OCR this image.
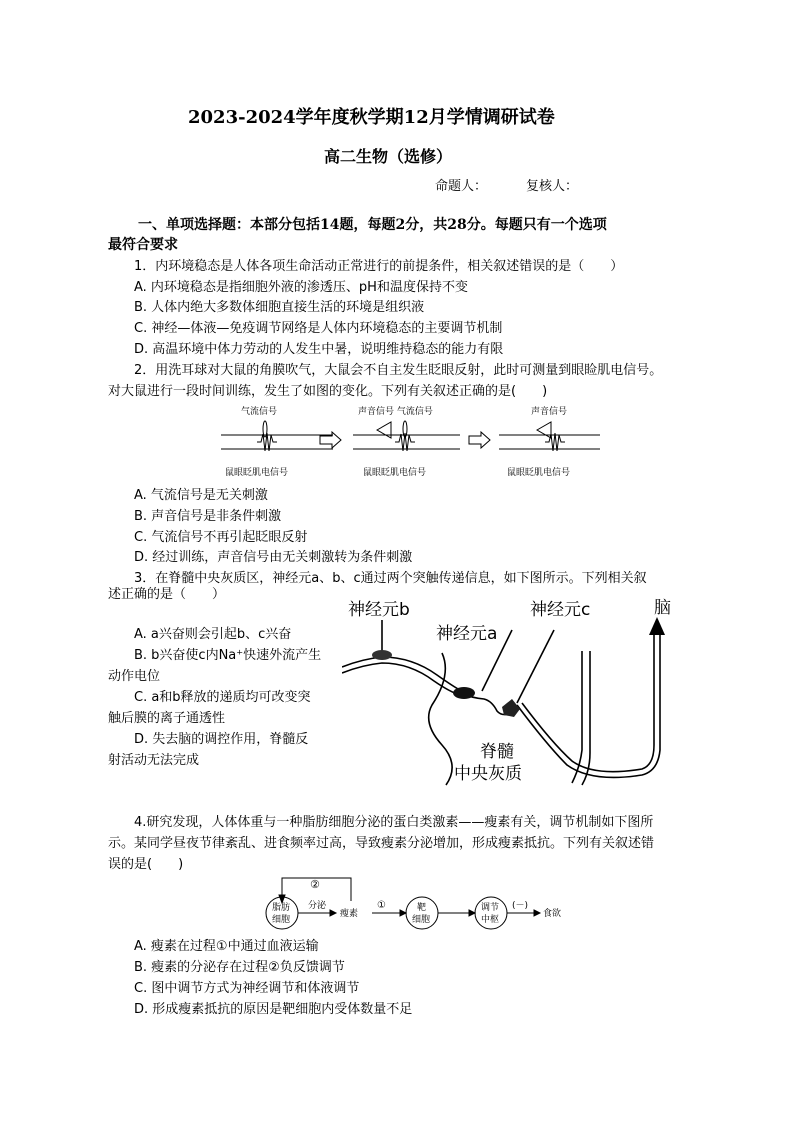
2023-2024学年度秋学期12月学情调研试卷
高二生物（选修）
命题人：	复核人：
一、单项选择题：本部分包括14题，每题2分，共28分。每题只有一个选项
最符合要求
1．内环境稳态是人体各项生命活动正常进行的前提条件，相关叙述错误的是（　　）
A. 内环境稳态是指细胞外液的渗透压、pH和温度保持不变
B. 人体内绝大多数体细胞直接生活的环境是组织液
C. 神经—体液—免疫调节网络是人体内环境稳态的主要调节机制
D. 高温环境中体力劳动的人发生中暑，说明维持稳态的能力有限
2．用洗耳球对大鼠的角膜吹气，大鼠会不自主发生眨眼反射，此时可测量到眼睑肌电信号。
对大鼠进行一段时间训练，发生了如图的变化。下列有关叙述正确的是(　　)
气流信号	声音信号 气流信号	声音信号
鼠眼眨肌电信号	鼠眼眨肌电信号	鼠眼眨肌电信号
A. 气流信号是无关刺激
B. 声音信号是非条件刺激
C. 气流信号不再引起眨眼反射
D. 经过训练，声音信号由无关刺激转为条件刺激
3．在脊髓中央灰质区，神经元a、b、c通过两个突触传递信息，如下图所示。下列相关叙
述正确的是（　　）
A. a兴奋则会引起b、c兴奋
B. b兴奋使c内Na⁺快速外流产生
动作电位
C. a和b释放的递质均可改变突
触后膜的离子通透性
D. 失去脑的调控作用，脊髓反
射活动无法完成
神经元b	神经元c	脑
神经元a
脊髓
中央灰质
4.研究发现，人体体重与一种脂肪细胞分泌的蛋白类激素——瘦素有关，调节机制如下图所
示。某同学昼夜节律紊乱、进食频率过高，导致瘦素分泌增加，形成瘦素抵抗。下列有关叙述错
误的是(　　)
②
脂肪
细胞
分泌
瘦素
①	靶
细胞
调节
中枢
(－)
食欲
A. 瘦素在过程①中通过血液运输
B. 瘦素的分泌存在过程②负反馈调节
C. 图中调节方式为神经调节和体液调节
D. 形成瘦素抵抗的原因是靶细胞内受体数量不足
